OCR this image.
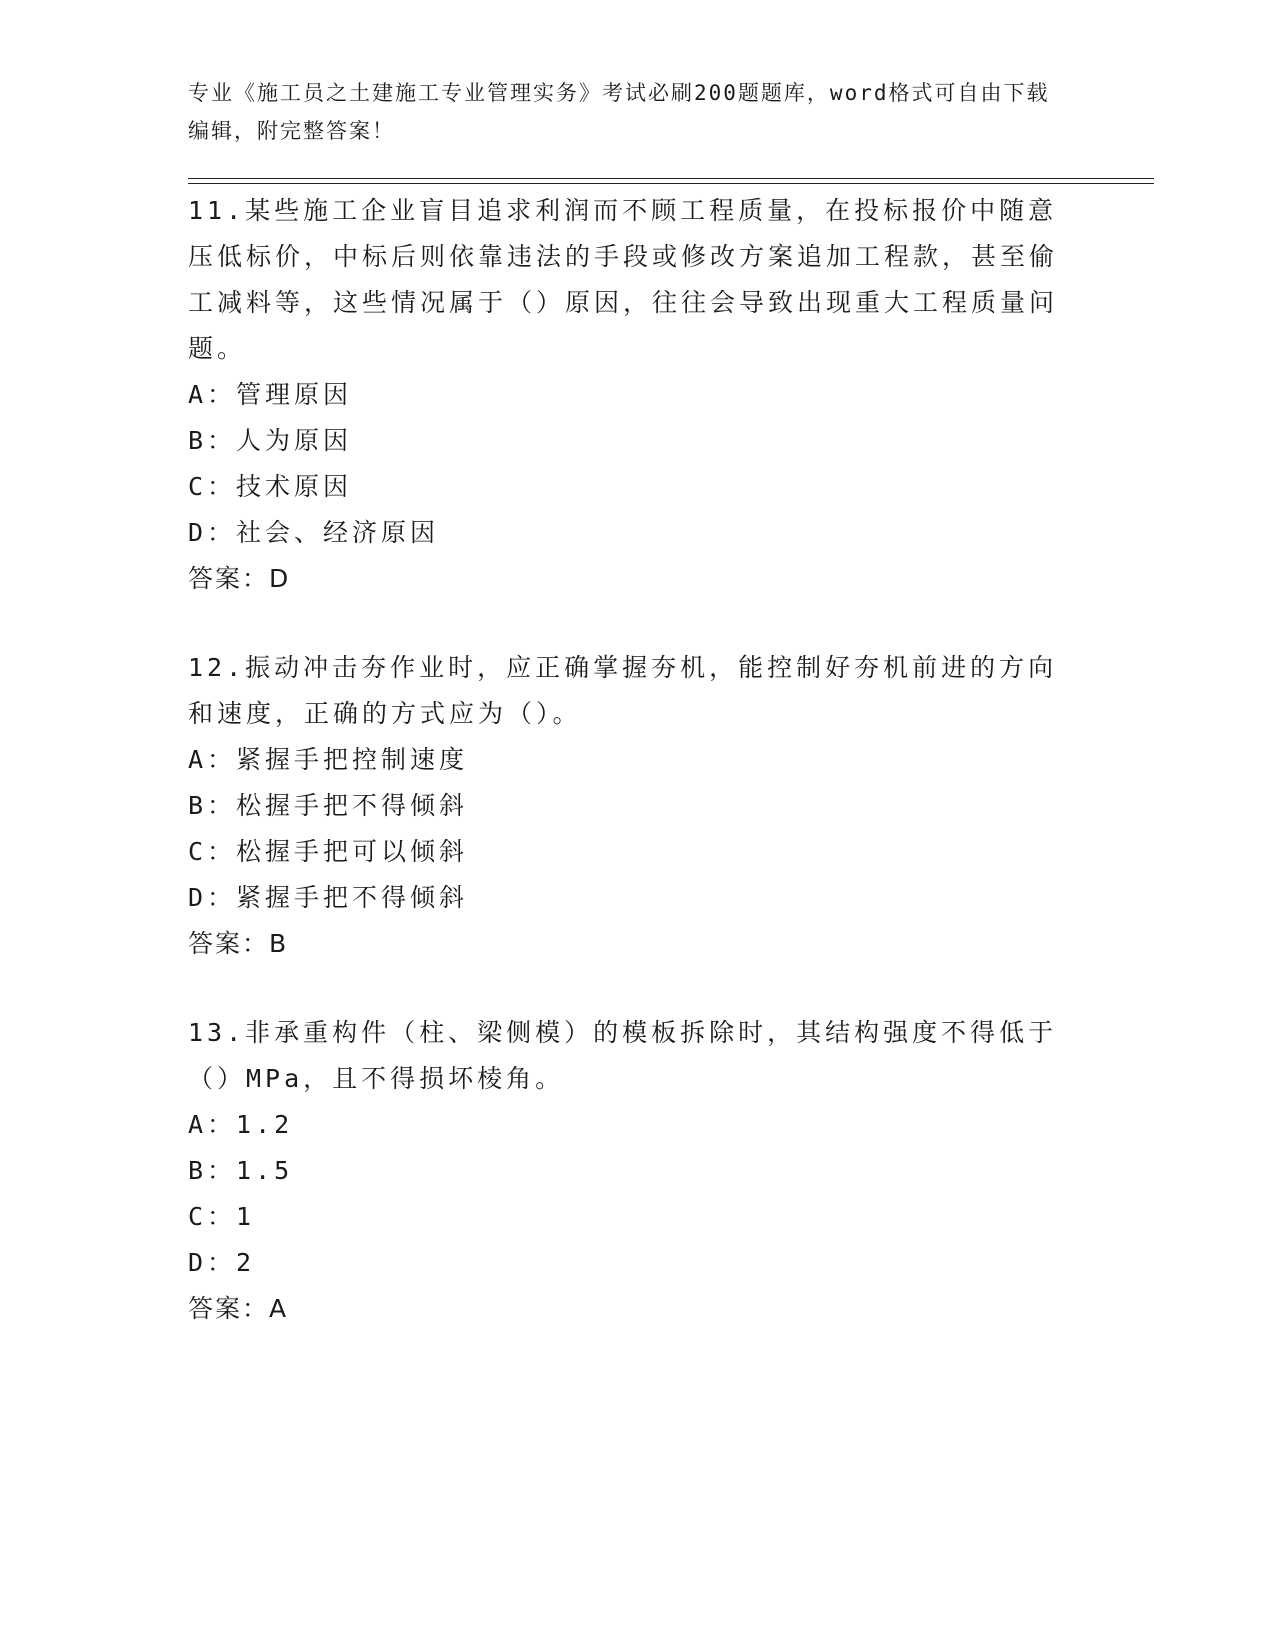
专业《施工员之土建施工专业管理实务》考试必刷200题题库，word格式可自由下载编辑，附完整答案！

11.某些施工企业盲目追求利润而不顾工程质量，在投标报价中随意压低标价，中标后则依靠违法的手段或修改方案追加工程款，甚至偷工减料等，这些情况属于（）原因，往往会导致出现重大工程质量问题。

A：管理原因

B：人为原因

C：技术原因

D：社会、经济原因

答案：D

12.振动冲击夯作业时，应正确掌握夯机，能控制好夯机前进的方向和速度，正确的方式应为（）。

A：紧握手把控制速度

B：松握手把不得倾斜

C：松握手把可以倾斜

D：紧握手把不得倾斜

答案：B

13.非承重构件（柱、梁侧模）的模板拆除时，其结构强度不得低于（）MPa，且不得损坏棱角。

A：1.2

B：1.5

C：1

D：2

答案：A
